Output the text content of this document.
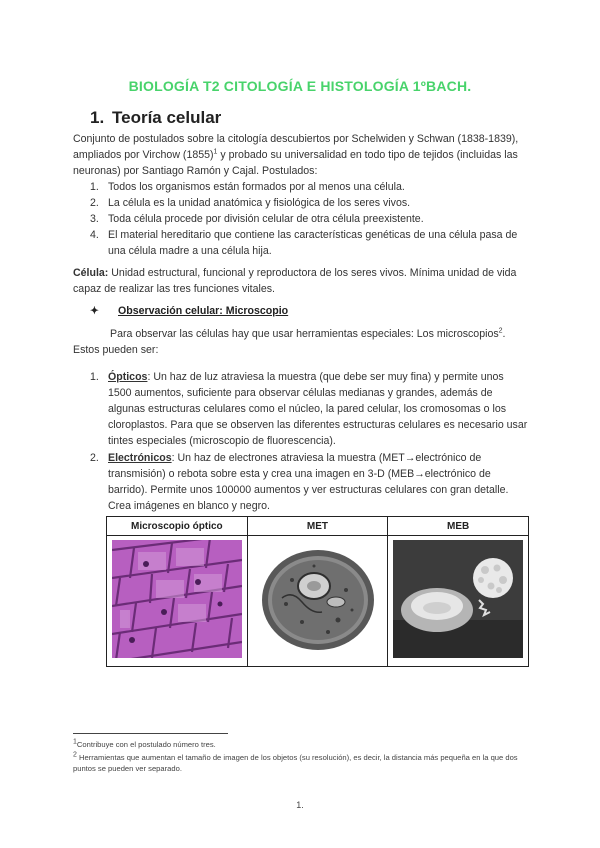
BIOLOGÍA T2 CITOLOGÍA E HISTOLOGÍA 1ºBACH.
1. Teoría celular
Conjunto de postulados sobre la citología descubiertos por Schelwiden y Schwan (1838-1839), ampliados por Virchow $(1855)^1$ y probado su universalidad en todo tipo de tejidos (incluidas las neuronas) por Santiago Ramón y Cajal. Postulados:
1. Todos los organismos están formados por al menos una célula.
2. La célula es la unidad anatómica y fisiológica de los seres vivos.
3. Toda célula procede por división celular de otra célula preexistente.
4. El material hereditario que contiene las características genéticas de una célula pasa de una célula madre a una célula hija.
Célula: Unidad estructural, funcional y reproductora de los seres vivos. Mínima unidad de vida capaz de realizar las tres funciones vitales.
✦ Observación celular: Microscopio
Para observar las células hay que usar herramientas especiales: Los microscopios$^2$. Estos pueden ser:
1. Ópticos: Un haz de luz atraviesa la muestra (que debe ser muy fina) y permite unos 1500 aumentos, suficiente para observar células medianas y grandes, además de algunas estructuras celulares como el núcleo, la pared celular, los cromosomas o los cloroplastos. Para que se observen las diferentes estructuras celulares es necesario usar tintes especiales (microscopio de fluorescencia).
2. Electrónicos: Un haz de electrones atraviesa la muestra (MET→electrónico de transmisión) o rebota sobre esta y crea una imagen en 3-D (MEB→electrónico de barrido). Permite unos 100000 aumentos y ver estructuras celulares con gran detalle. Crea imágenes en blanco y negro.
Microscopio óptico	MET	MEB

$^1$Contribuye con el postulado número tres.
$^2$ Herramientas que aumentan el tamaño de imagen de los objetos (su resolución), es decir, la distancia más pequeña en la que dos puntos se pueden ver separado.
1.
